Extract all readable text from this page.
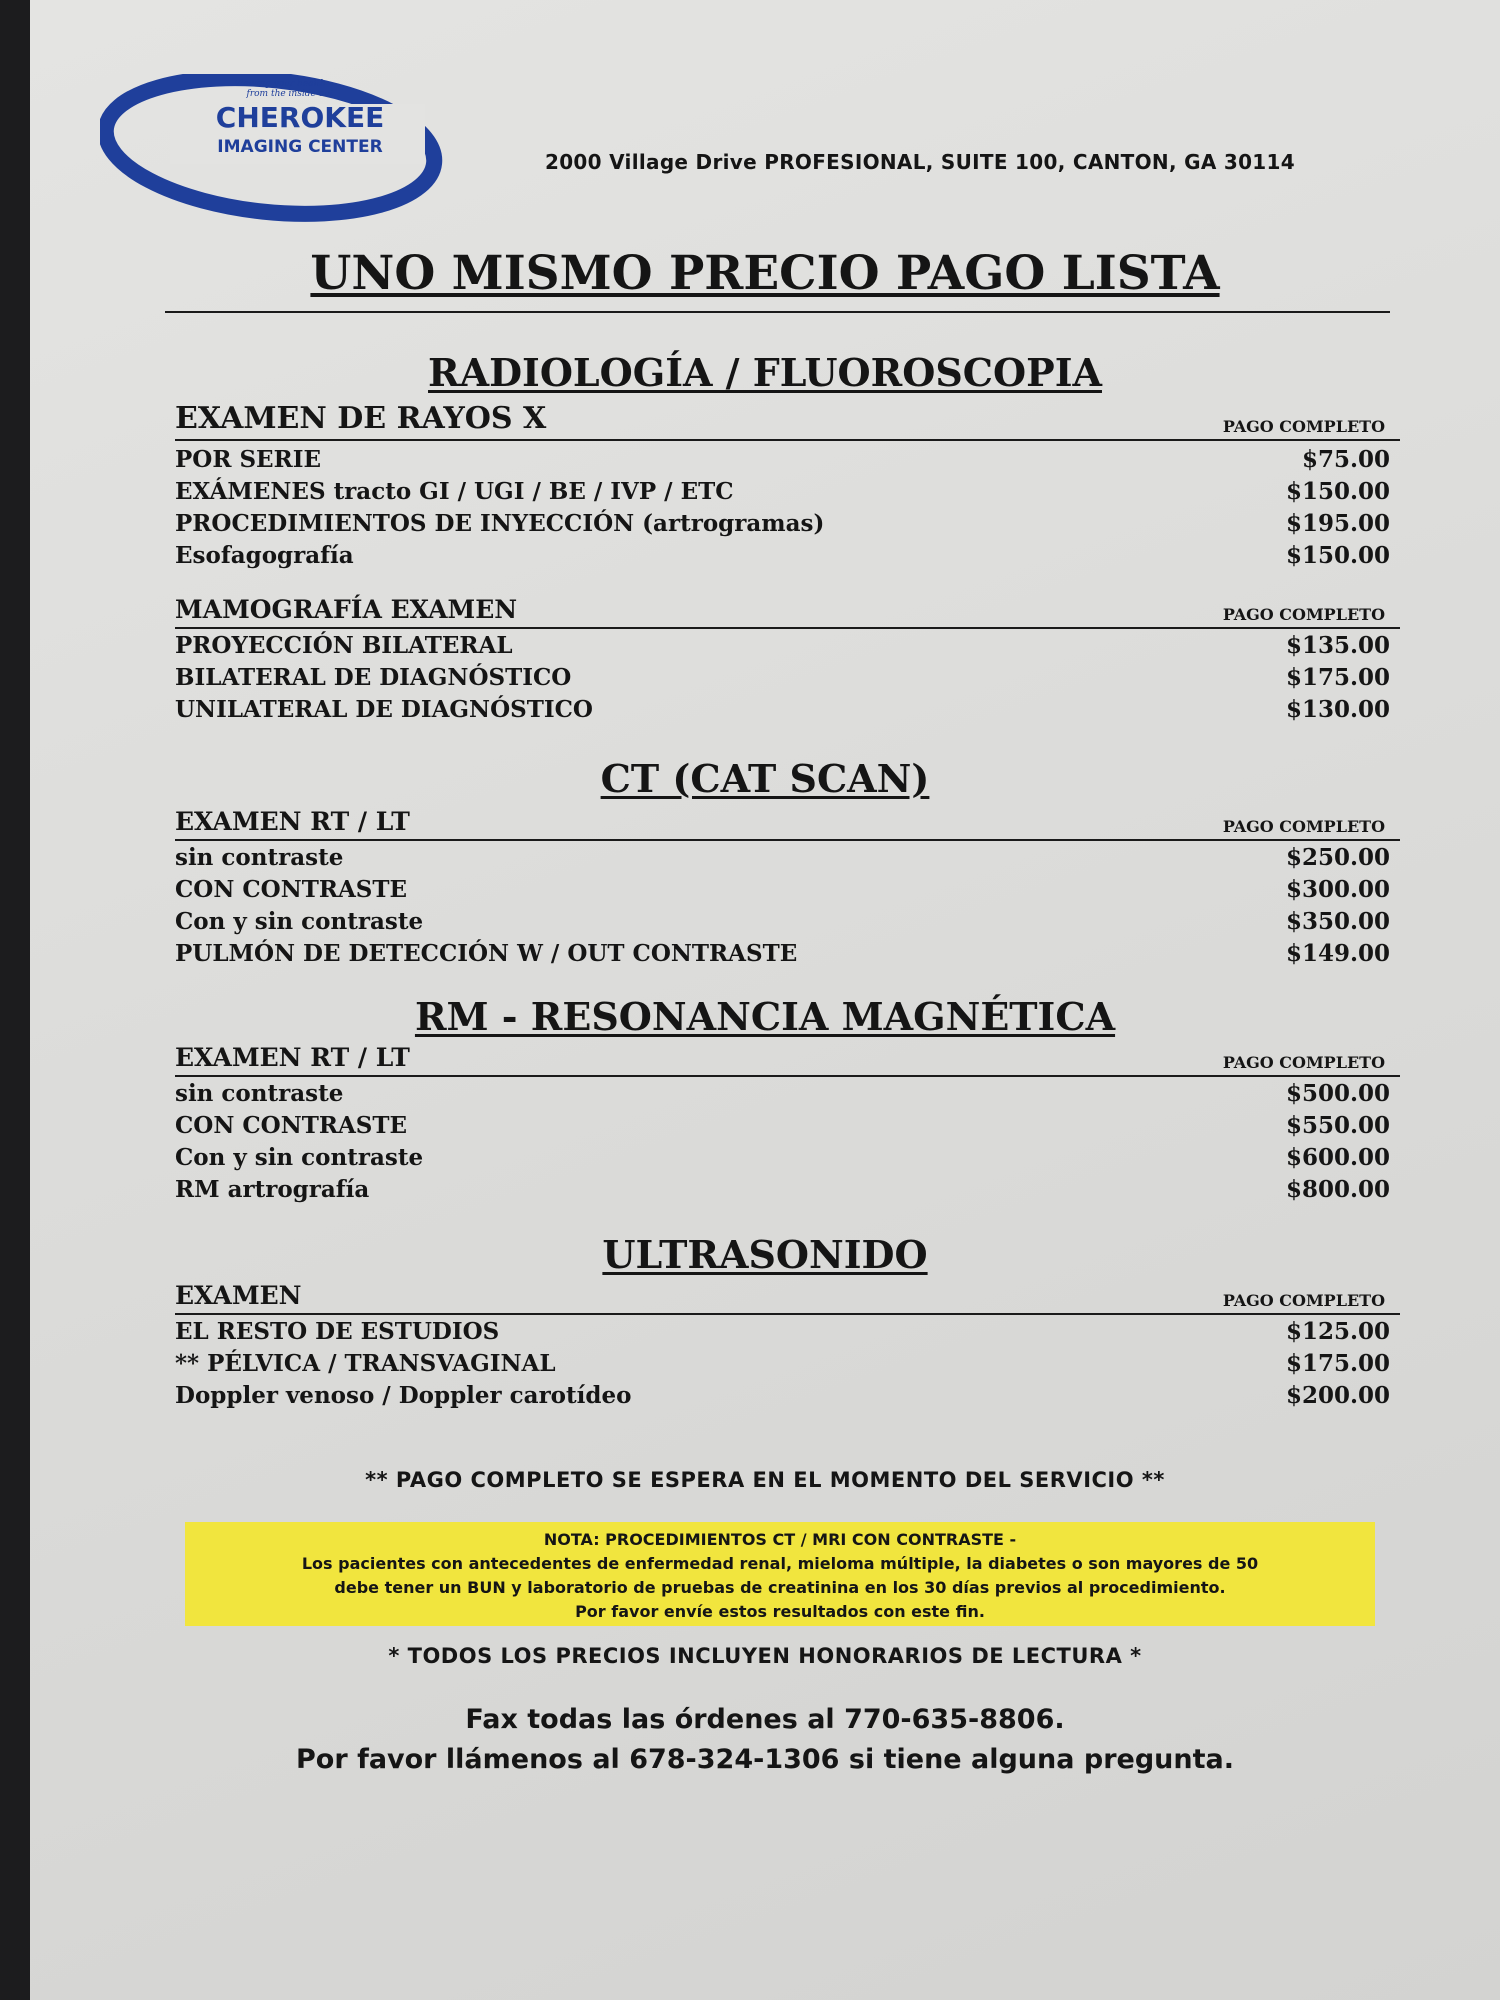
Viewing your health
from the inside out
CHEROKEE
IMAGING CENTER
2000 Village Drive PROFESIONAL, SUITE 100, CANTON, GA 30114
UNO MISMO PRECIO PAGO LISTA
RADIOLOGÍA / FLUOROSCOPIA
EXAMEN DE RAYOS X	PAGO COMPLETO
POR SERIE	$75.00
EXÁMENES tracto GI / UGI / BE / IVP / ETC	$150.00
PROCEDIMIENTOS DE INYECCIÓN (artrogramas)	$195.00
Esofagografía	$150.00
MAMOGRAFÍA EXAMEN	PAGO COMPLETO
PROYECCIÓN BILATERAL	$135.00
BILATERAL DE DIAGNÓSTICO	$175.00
UNILATERAL DE DIAGNÓSTICO	$130.00
CT (CAT SCAN)
EXAMEN RT / LT	PAGO COMPLETO
sin contraste	$250.00
CON CONTRASTE	$300.00
Con y sin contraste	$350.00
PULMÓN DE DETECCIÓN W / OUT CONTRASTE	$149.00
RM - RESONANCIA MAGNÉTICA
EXAMEN RT / LT	PAGO COMPLETO
sin contraste	$500.00
CON CONTRASTE	$550.00
Con y sin contraste	$600.00
RM artrografía	$800.00
ULTRASONIDO
EXAMEN	PAGO COMPLETO
EL RESTO DE ESTUDIOS	$125.00
** PÉLVICA / TRANSVAGINAL	$175.00
Doppler venoso / Doppler carotídeo	$200.00
** PAGO COMPLETO SE ESPERA EN EL MOMENTO DEL SERVICIO **
NOTA: PROCEDIMIENTOS CT / MRI CON CONTRASTE -
Los pacientes con antecedentes de enfermedad renal, mieloma múltiple, la diabetes o son mayores de 50
debe tener un BUN y laboratorio de pruebas de creatinina en los 30 días previos al procedimiento.
Por favor envíe estos resultados con este fin.
* TODOS LOS PRECIOS INCLUYEN HONORARIOS DE LECTURA *
Fax todas las órdenes al 770-635-8806.
Por favor llámenos al 678-324-1306 si tiene alguna pregunta.
